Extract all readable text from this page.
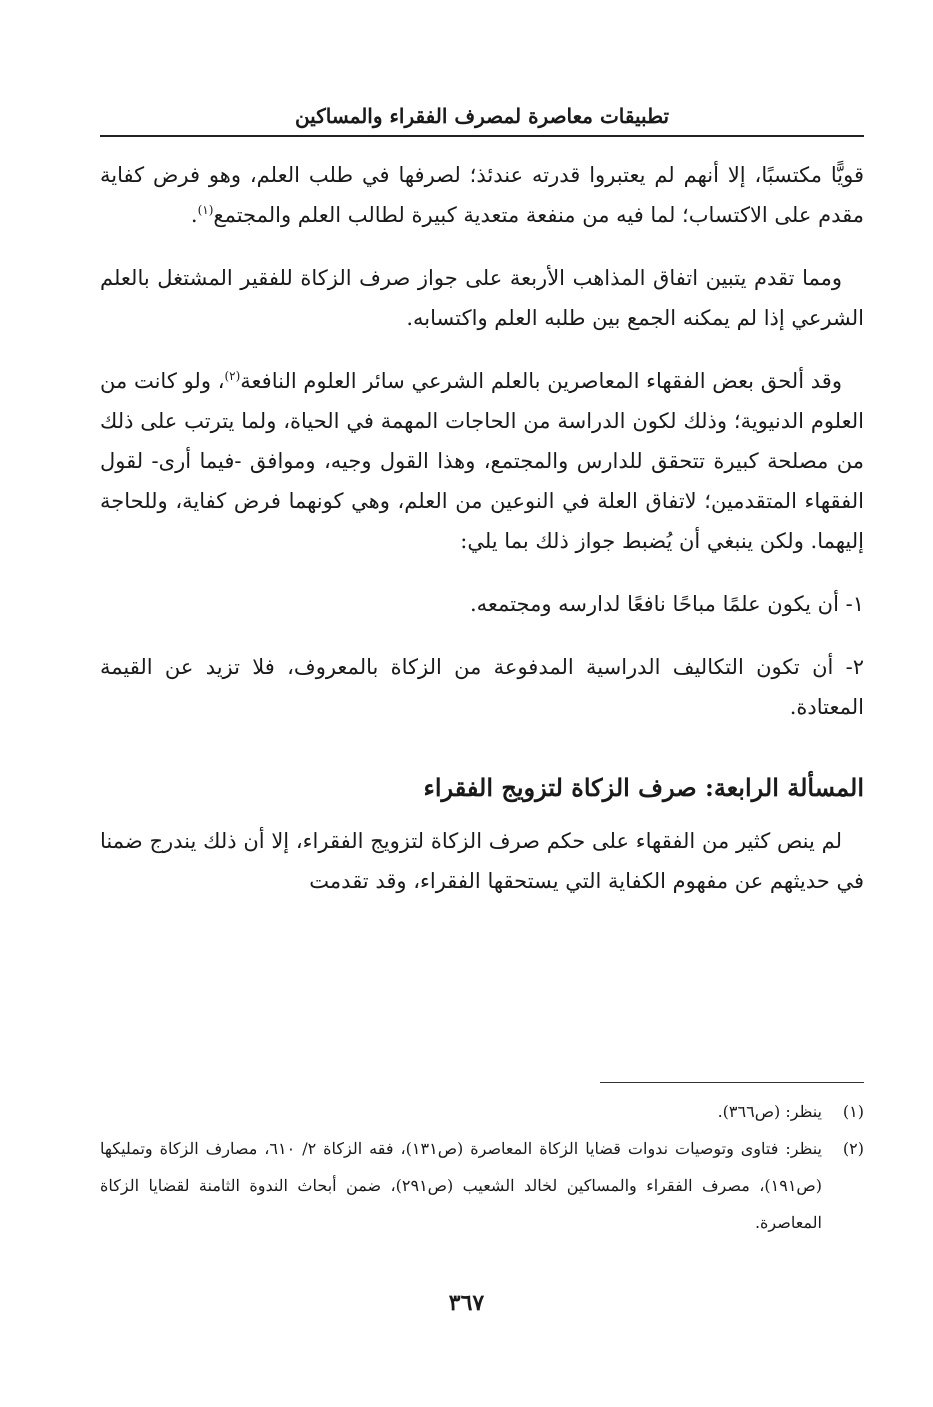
تطبيقات معاصرة لمصرف الفقراء والمساكين

قويًّا مكتسبًا، إلا أنهم لم يعتبروا قدرته عندئذ؛ لصرفها في طلب العلم، وهو فرض كفاية مقدم على الاكتساب؛ لما فيه من منفعة متعدية كبيرة لطالب العلم والمجتمع$^{(١)}$.

ومما تقدم يتبين اتفاق المذاهب الأربعة على جواز صرف الزكاة للفقير المشتغل بالعلم الشرعي إذا لم يمكنه الجمع بين طلبه العلم واكتسابه.

وقد ألحق بعض الفقهاء المعاصرين بالعلم الشرعي سائر العلوم النافعة$^{(٢)}$، ولو كانت من العلوم الدنيوية؛ وذلك لكون الدراسة من الحاجات المهمة في الحياة، ولما يترتب على ذلك من مصلحة كبيرة تتحقق للدارس والمجتمع، وهذا القول وجيه، وموافق -فيما أرى- لقول الفقهاء المتقدمين؛ لاتفاق العلة في النوعين من العلم، وهي كونهما فرض كفاية، وللحاجة إليهما. ولكن ينبغي أن يُضبط جواز ذلك بما يلي:

١- أن يكون علمًا مباحًا نافعًا لدارسه ومجتمعه.

٢- أن تكون التكاليف الدراسية المدفوعة من الزكاة بالمعروف، فلا تزيد عن القيمة المعتادة.

المسألة الرابعة: صرف الزكاة لتزويج الفقراء

لم ينص كثير من الفقهاء على حكم صرف الزكاة لتزويج الفقراء، إلا أن ذلك يندرج ضمنا في حديثهم عن مفهوم الكفاية التي يستحقها الفقراء، وقد تقدمت

(١)
ينظر: (ص٣٦٦).

(٢)
ينظر: فتاوى وتوصيات ندوات قضايا الزكاة المعاصرة (ص١٣١)، فقه الزكاة ٢/ ٦١٠، مصارف الزكاة وتمليكها (ص١٩١)، مصرف الفقراء والمساكين لخالد الشعيب (ص٢٩١)، ضمن أبحاث الندوة الثامنة لقضايا الزكاة المعاصرة.

٣٦٧
